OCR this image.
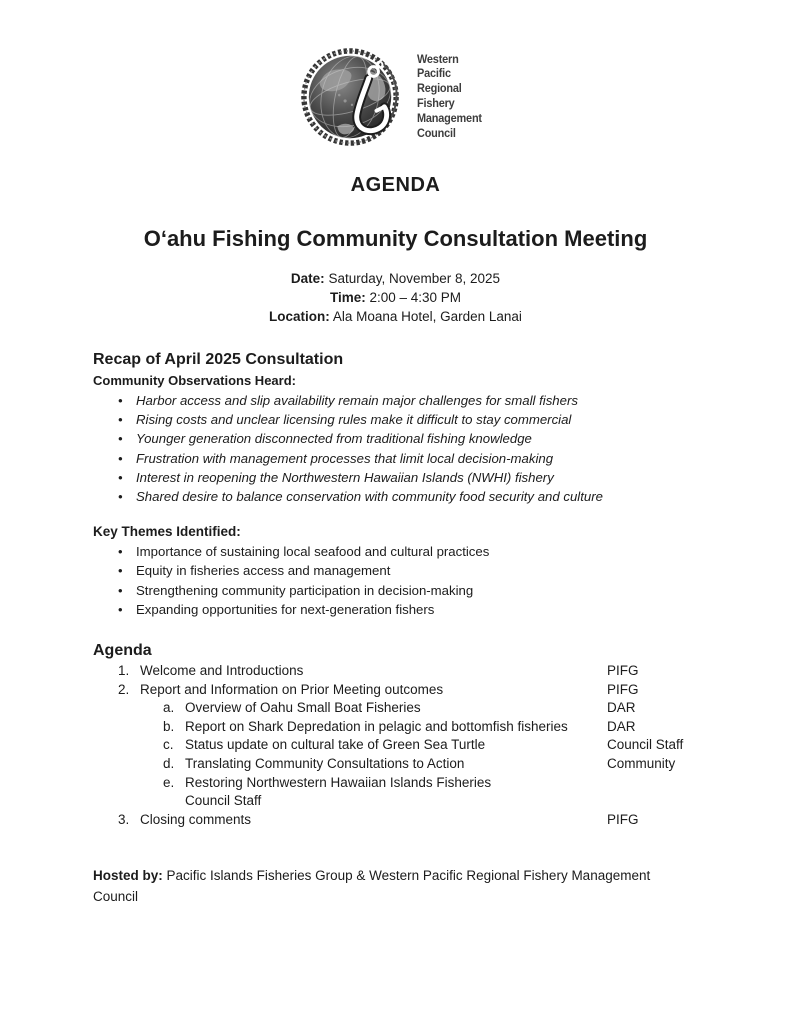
Western
Pacific
Regional
Fishery
Management
Council
AGENDA
Oʻahu Fishing Community Consultation Meeting
Date: Saturday, November 8, 2025
Time: 2:00 – 4:30 PM
Location: Ala Moana Hotel, Garden Lanai
Recap of April 2025 Consultation
Community Observations Heard:
• Harbor access and slip availability remain major challenges for small fishers
• Rising costs and unclear licensing rules make it difficult to stay commercial
• Younger generation disconnected from traditional fishing knowledge
• Frustration with management processes that limit local decision-making
• Interest in reopening the Northwestern Hawaiian Islands (NWHI) fishery
• Shared desire to balance conservation with community food security and culture
Key Themes Identified:
• Importance of sustaining local seafood and cultural practices
• Equity in fisheries access and management
• Strengthening community participation in decision-making
• Expanding opportunities for next-generation fishers
Agenda
1. Welcome and Introductions	PIFG
2. Report and Information on Prior Meeting outcomes	PIFG
a. Overview of Oahu Small Boat Fisheries	DAR
b. Report on Shark Depredation in pelagic and bottomfish fisheries	DAR
c. Status update on cultural take of Green Sea Turtle	Council Staff
d. Translating Community Consultations to Action	Community
e. Restoring Northwestern Hawaiian Islands Fisheries
Council Staff
3. Closing comments	PIFG
Hosted by: Pacific Islands Fisheries Group & Western Pacific Regional Fishery Management Council
